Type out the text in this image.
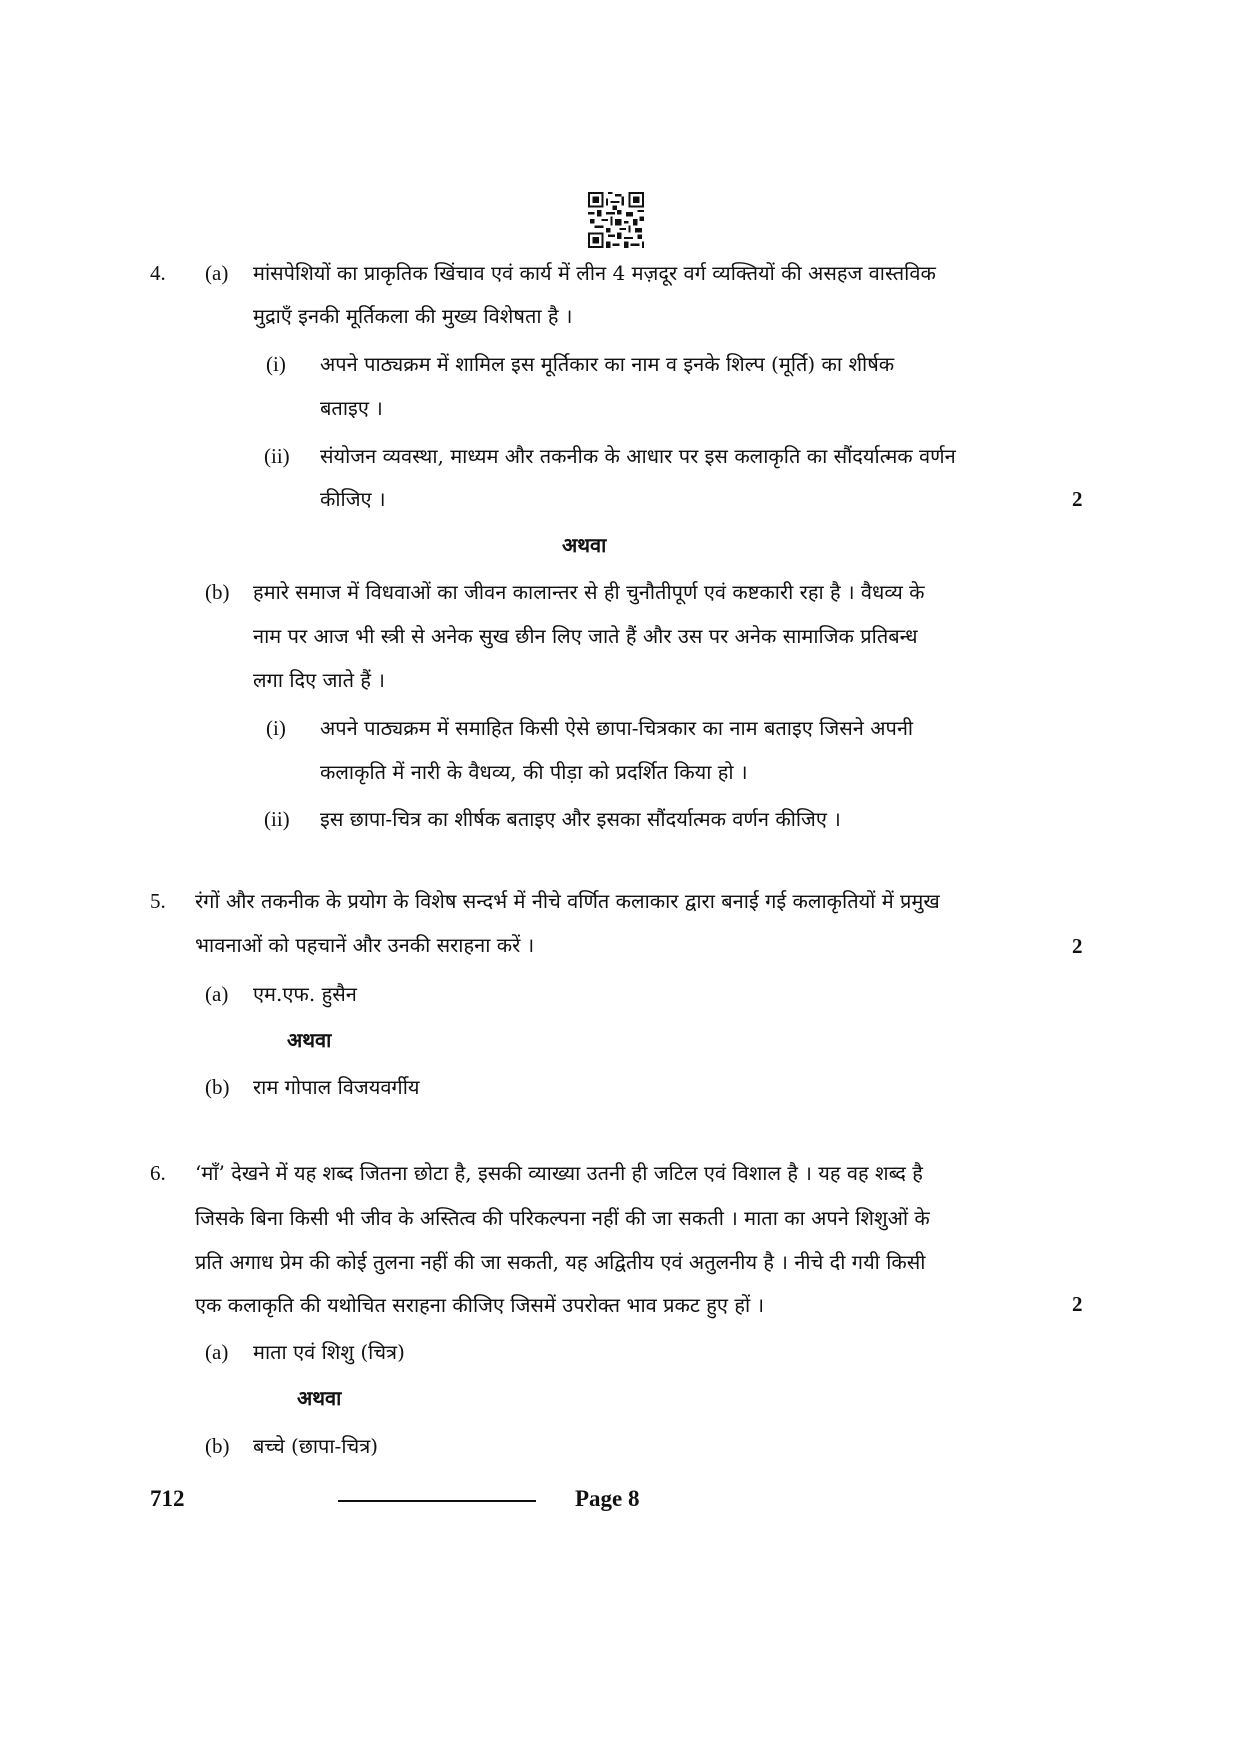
4. (a) मांसपेशियों का प्राकृतिक खिंचाव एवं कार्य में लीन 4 मज़दूर वर्ग व्यक्तियों की असहज वास्तविक
मुद्राएँ इनकी मूर्तिकला की मुख्य विशेषता है ।
(i) अपने पाठ्यक्रम में शामिल इस मूर्तिकार का नाम व इनके शिल्प (मूर्ति) का शीर्षक
बताइए ।
(ii) संयोजन व्यवस्था, माध्यम और तकनीक के आधार पर इस कलाकृति का सौंदर्यात्मक वर्णन
कीजिए ।	2
अथवा
(b) हमारे समाज में विधवाओं का जीवन कालान्तर से ही चुनौतीपूर्ण एवं कष्टकारी रहा है । वैधव्य के
नाम पर आज भी स्त्री से अनेक सुख छीन लिए जाते हैं और उस पर अनेक सामाजिक प्रतिबन्ध
लगा दिए जाते हैं ।
(i) अपने पाठ्यक्रम में समाहित किसी ऐसे छापा-चित्रकार का नाम बताइए जिसने अपनी
कलाकृति में नारी के वैधव्य, की पीड़ा को प्रदर्शित किया हो ।
(ii) इस छापा-चित्र का शीर्षक बताइए और इसका सौंदर्यात्मक वर्णन कीजिए ।
5. रंगों और तकनीक के प्रयोग के विशेष सन्दर्भ में नीचे वर्णित कलाकार द्वारा बनाई गई कलाकृतियों में प्रमुख
भावनाओं को पहचानें और उनकी सराहना करें ।	2
(a) एम.एफ. हुसैन
अथवा
(b) राम गोपाल विजयवर्गीय
6. ‘माँ’ देखने में यह शब्द जितना छोटा है, इसकी व्याख्या उतनी ही जटिल एवं विशाल है । यह वह शब्द है
जिसके बिना किसी भी जीव के अस्तित्व की परिकल्पना नहीं की जा सकती । माता का अपने शिशुओं के
प्रति अगाध प्रेम की कोई तुलना नहीं की जा सकती, यह अद्वितीय एवं अतुलनीय है । नीचे दी गयी किसी
एक कलाकृति की यथोचित सराहना कीजिए जिसमें उपरोक्त भाव प्रकट हुए हों ।	2
(a) माता एवं शिशु (चित्र)
अथवा
(b) बच्चे (छापा-चित्र)
712	Page 8
